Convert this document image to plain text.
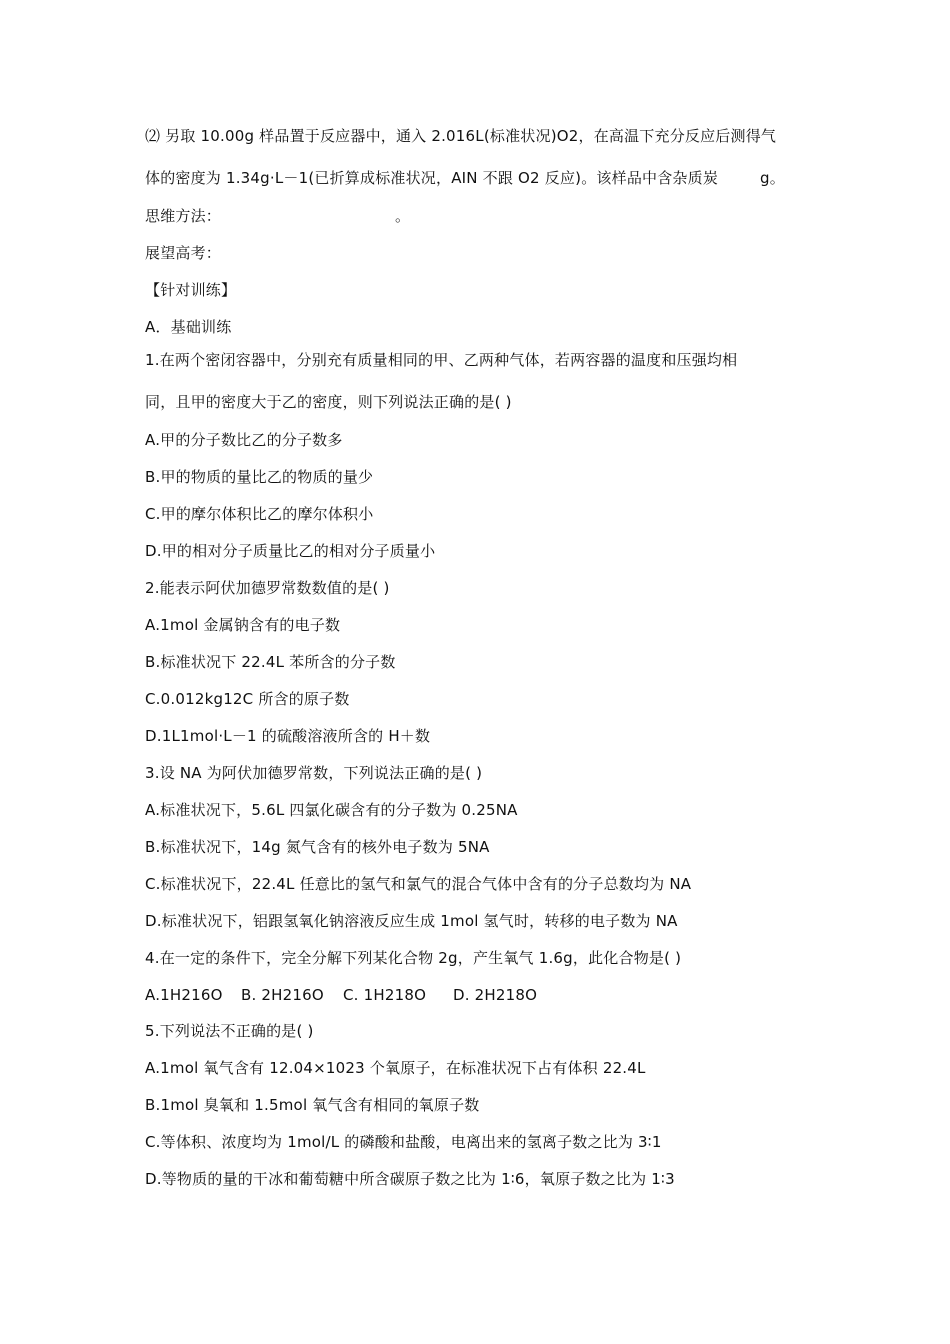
⑵ 另取 10.00g 样品置于反应器中，通入 2.016L(标准状况)O2，在高温下充分反应后测得气
体的密度为 1.34g·L－1(已折算成标准状况，AIN 不跟 O2 反应)。该样品中含杂质炭	g。
思维方法：	。
展望高考：
【针对训练】
A．基础训练
1.在两个密闭容器中，分别充有质量相同的甲、乙两种气体，若两容器的温度和压强均相
同，且甲的密度大于乙的密度，则下列说法正确的是( )
A.甲的分子数比乙的分子数多
B.甲的物质的量比乙的物质的量少
C.甲的摩尔体积比乙的摩尔体积小
D.甲的相对分子质量比乙的相对分子质量小
2.能表示阿伏加德罗常数数值的是( )
A.1mol 金属钠含有的电子数
B.标准状况下 22.4L 苯所含的分子数
C.0.012kg12C 所含的原子数
D.1L1mol·L－1 的硫酸溶液所含的 H＋数
3.设 NA 为阿伏加德罗常数，下列说法正确的是( )
A.标准状况下，5.6L 四氯化碳含有的分子数为 0.25NA
B.标准状况下，14g 氮气含有的核外电子数为 5NA
C.标准状况下，22.4L 任意比的氢气和氯气的混合气体中含有的分子总数均为 NA
D.标准状况下，铝跟氢氧化钠溶液反应生成 1mol 氢气时，转移的电子数为 NA
4.在一定的条件下，完全分解下列某化合物 2g，产生氧气 1.6g，此化合物是( )
A.1H216O B. 2H216O C. 1H218O D. 2H218O
5.下列说法不正确的是( )
A.1mol 氧气含有 12.04×1023 个氧原子，在标准状况下占有体积 22.4L
B.1mol 臭氧和 1.5mol 氧气含有相同的氧原子数
C.等体积、浓度均为 1mol/L 的磷酸和盐酸，电离出来的氢离子数之比为 3∶1
D.等物质的量的干冰和葡萄糖中所含碳原子数之比为 1∶6，氧原子数之比为 1∶3
